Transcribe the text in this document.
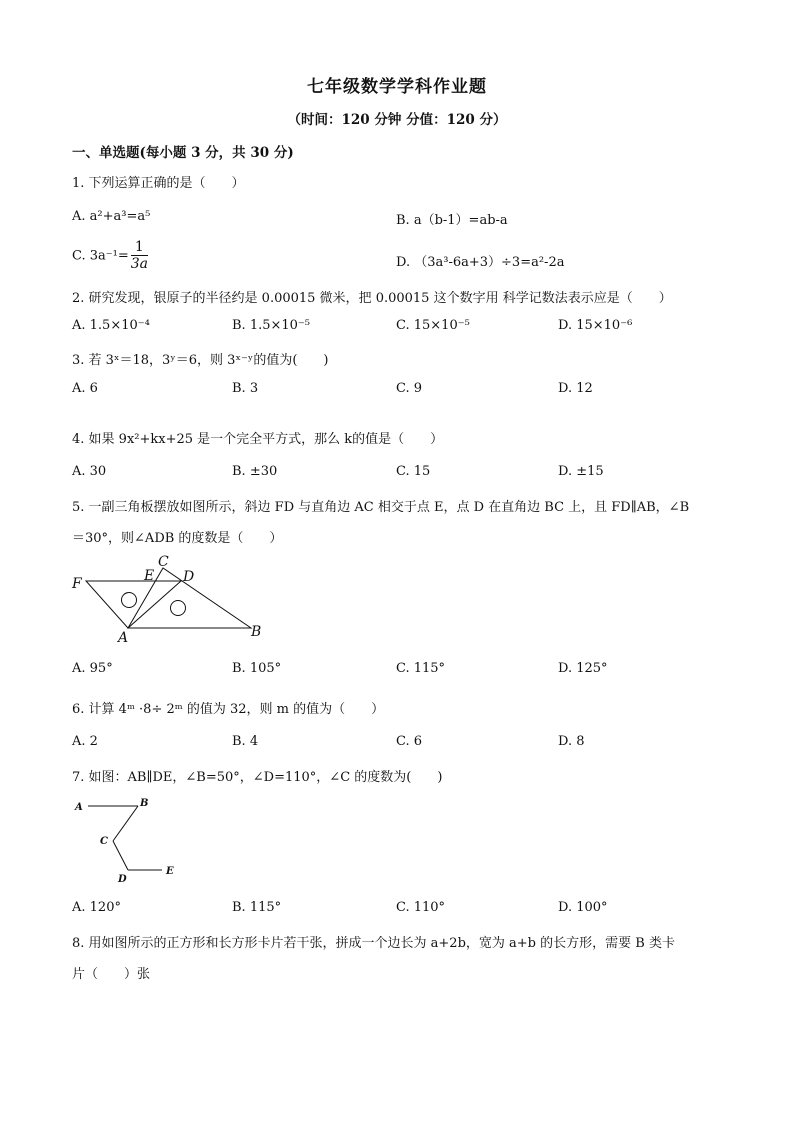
七年级数学学科作业题
（时间：120 分钟 分值：120 分）
一、单选题(每小题 3 分，共 30 分)
1. 下列运算正确的是（　　）
A. a²+a³=a⁵	B. a（b-1）=ab-a
C. $3a^{-1}= \frac{1}{3a}$	D. （3a³-6a+3）÷3=a²-2a
2. 研究发现，银原子的半径约是 0.00015 微米，把 0.00015 这个数字用 科学记数法表示应是（　　）
A. 1.5×10⁻⁴	B. 1.5×10⁻⁵	C. 15×10⁻⁵	D. 15×10⁻⁶
3. 若 3ˣ＝18，3ʸ＝6，则 3ˣ⁻ʸ的值为(　　)
A. 6	B. 3	C. 9	D. 12
4. 如果 9x²+kx+25 是一个完全平方式，那么 k的值是（　　）
A. 30	B. ±30	C. 15	D. ±15
5. 一副三角板摆放如图所示，斜边 FD 与直角边 AC 相交于点 E，点 D 在直角边 BC 上，且 FD∥AB，∠B
＝30°，则∠ADB 的度数是（　　）
F	E
C
D
A	B
A. 95°	B. 105°	C. 115°	D. 125°
6. 计算 4ᵐ ·8÷ 2ᵐ 的值为 32，则 m 的值为（　　）
A. 2	B. 4	C. 6	D. 8
7. 如图：AB∥DE，∠B=50°，∠D=110°，∠C 的度数为(　　)
A	B
C
D
E
A. 120°	B. 115°	C. 110°	D. 100°
8. 用如图所示的正方形和长方形卡片若干张，拼成一个边长为 a+2b，宽为 a+b 的长方形，需要 B 类卡
片（　　）张
